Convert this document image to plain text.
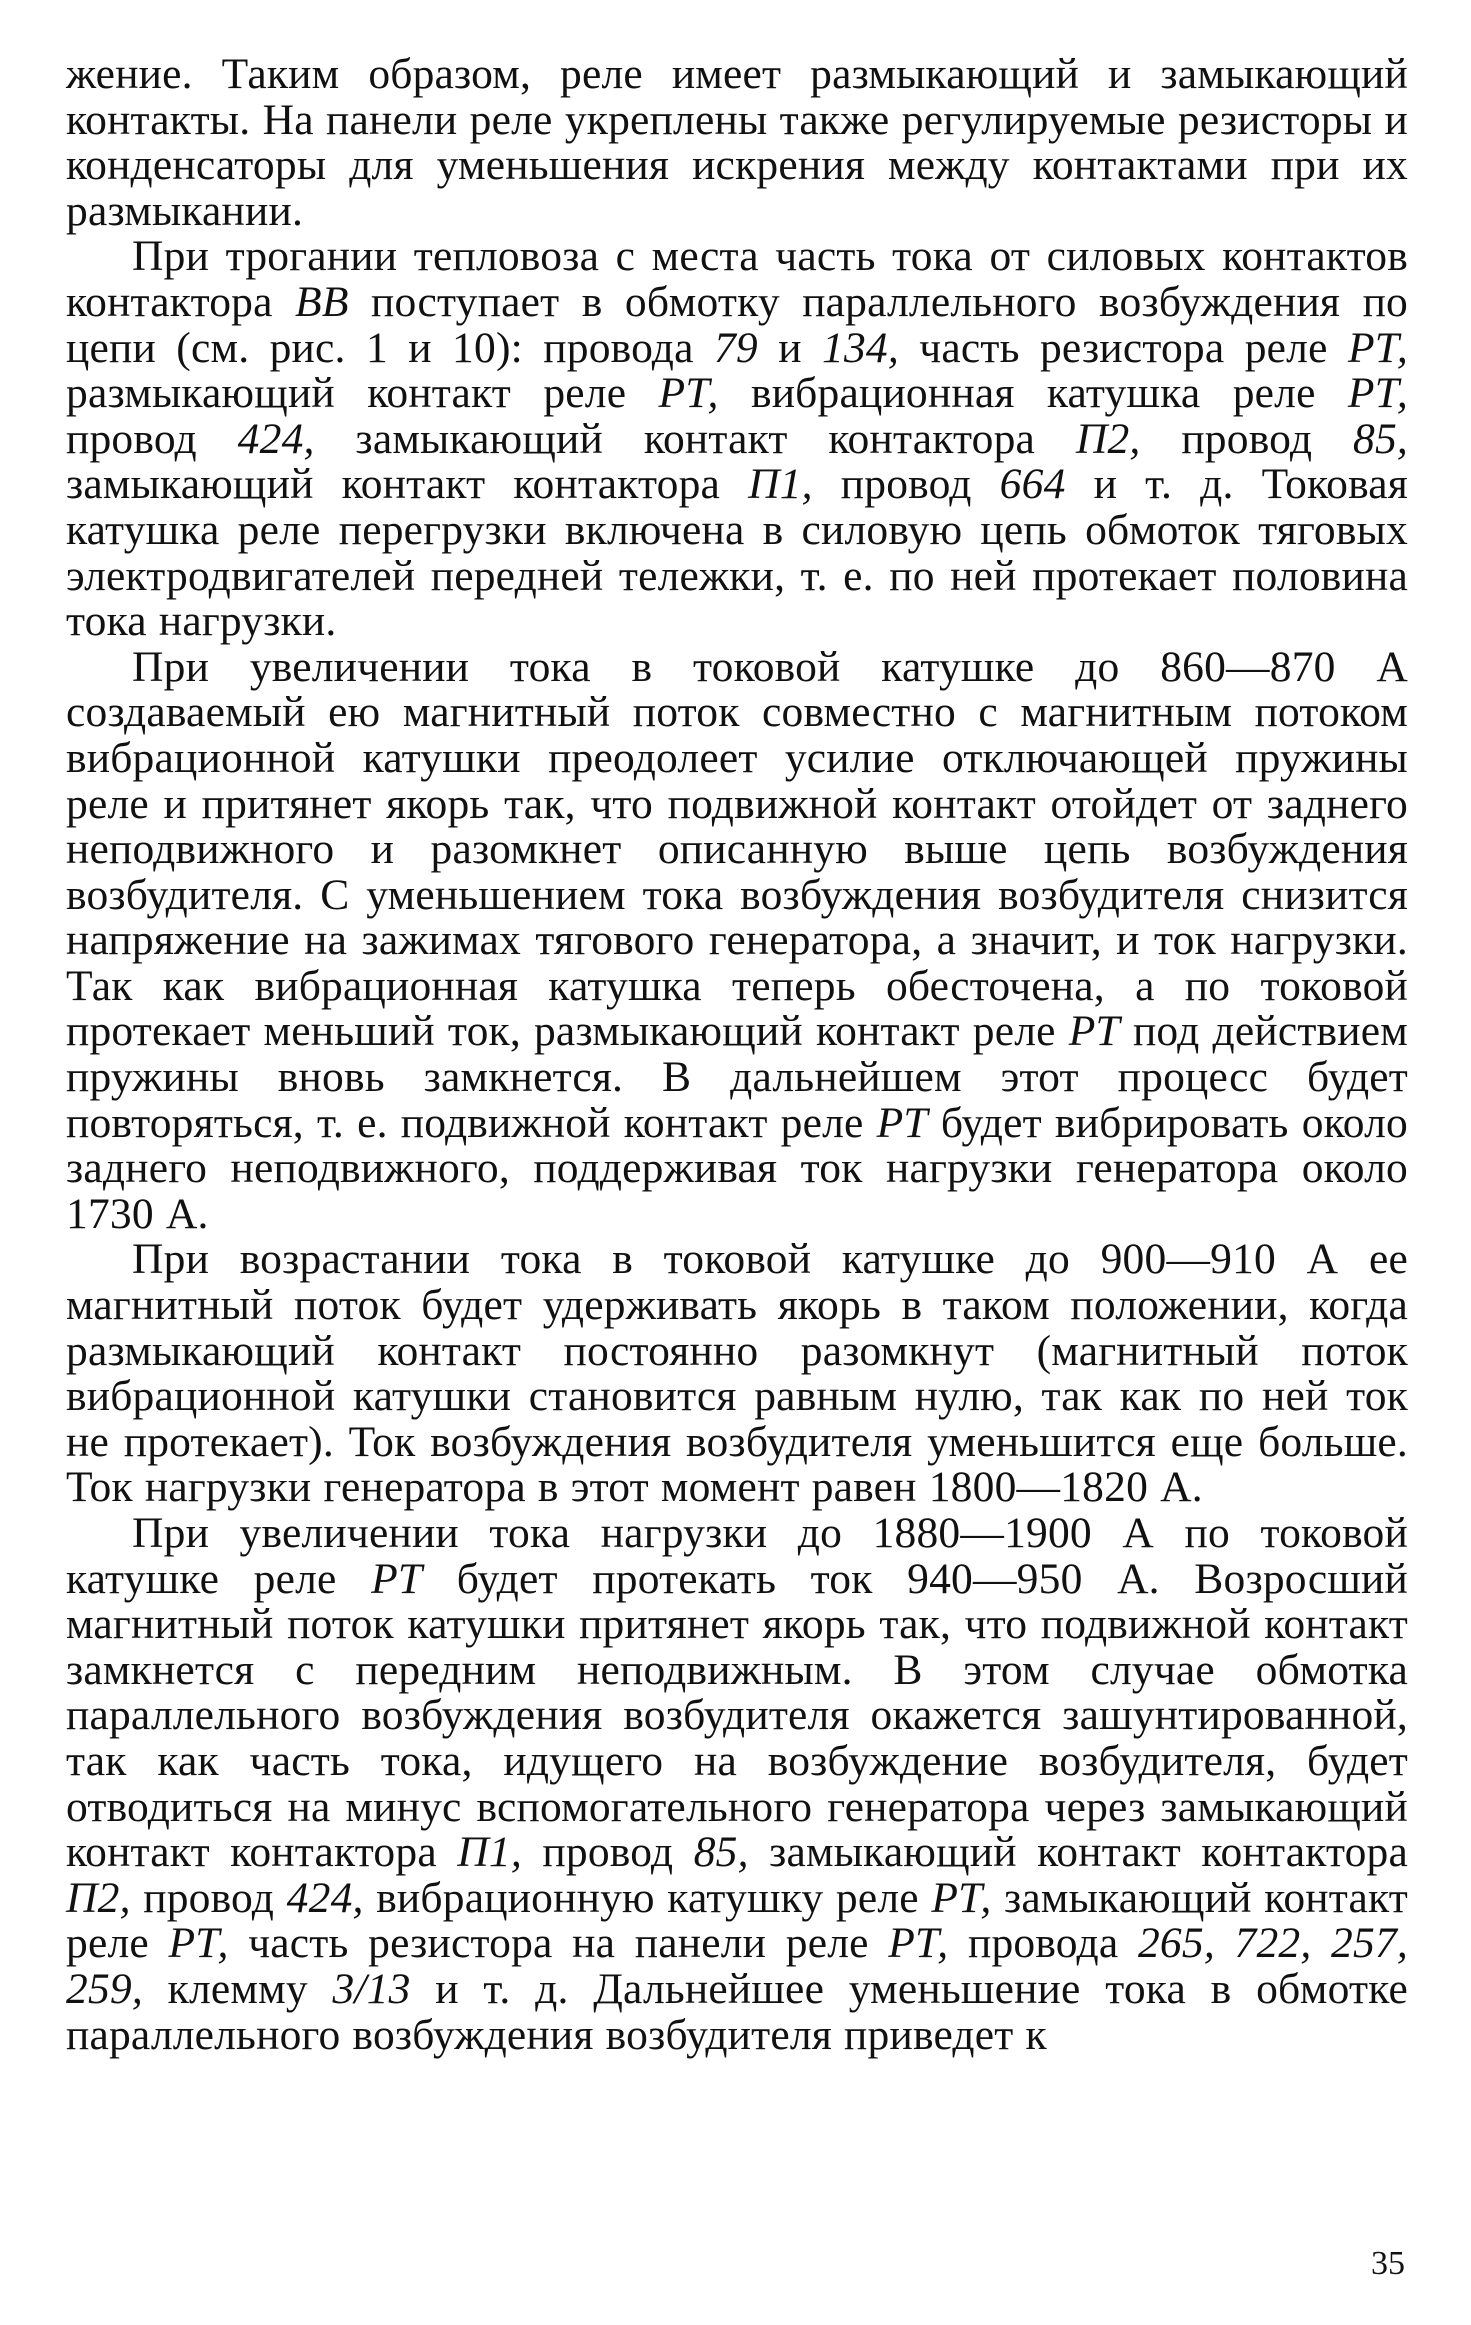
жение. Таким образом, реле имеет размыкающий и замыкающий контакты. На панели реле укреплены также регулируемые резисторы и конденсаторы для уменьшения искрения между контактами при их размыкании.

При трогании тепловоза с места часть тока от силовых контактов контактора ВВ поступает в обмотку параллельного возбуждения по цепи (см. рис. 1 и 10): провода 79 и 134, часть резистора реле РТ, размыкающий контакт реле РТ, вибрационная катушка реле РТ, провод 424, замыкающий контакт контактора П2, провод 85, замыкающий контакт контактора П1, провод 664 и т. д. Токовая катушка реле перегрузки включена в силовую цепь обмоток тяговых электродвигателей передней тележки, т. е. по ней протекает половина тока нагрузки.

При увеличении тока в токовой катушке до 860—870 А создаваемый ею магнитный поток совместно с магнитным потоком вибрационной катушки преодолеет усилие отключающей пружины реле и притянет якорь так, что подвижной контакт отойдет от заднего неподвижного и разомкнет описанную выше цепь возбуждения возбудителя. С уменьшением тока возбуждения возбудителя снизится напряжение на зажимах тягового генератора, а значит, и ток нагрузки. Так как вибрационная катушка теперь обесточена, а по токовой протекает меньший ток, размыкающий контакт реле РТ под действием пружины вновь замкнется. В дальнейшем этот процесс будет повторяться, т. е. подвижной контакт реле РТ будет вибрировать около заднего неподвижного, поддерживая ток нагрузки генератора около 1730 А.

При возрастании тока в токовой катушке до 900—910 А ее магнитный поток будет удерживать якорь в таком положении, когда размыкающий контакт постоянно разомкнут (магнитный поток вибрационной катушки становится равным нулю, так как по ней ток не протекает). Ток возбуждения возбудителя уменьшится еще больше. Ток нагрузки генератора в этот момент равен 1800—1820 А.

При увеличении тока нагрузки до 1880—1900 А по токовой катушке реле РТ будет протекать ток 940—950 А. Возросший магнитный поток катушки притянет якорь так, что подвижной контакт замкнется с передним неподвижным. В этом случае обмотка параллельного возбуждения возбудителя окажется зашунтированной, так как часть тока, идущего на возбуждение возбудителя, будет отводиться на минус вспомогательного генератора через замыкающий контакт контактора П1, провод 85, замыкающий контакт контактора П2, провод 424, вибрационную катушку реле РТ, замыкающий контакт реле РТ, часть резистора на панели реле РТ, провода 265, 722, 257, 259, клемму 3/13 и т. д. Дальнейшее уменьшение тока в обмотке параллельного возбуждения возбудителя приведет к

35
